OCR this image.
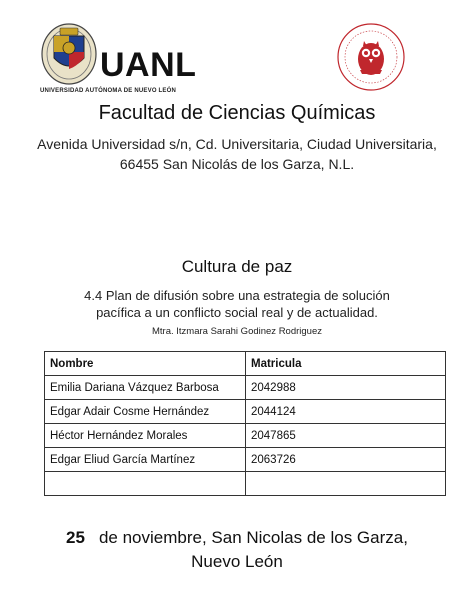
UANL
UNIVERSIDAD AUTÓNOMA DE NUEVO LEÓN
Facultad de Ciencias Químicas
Avenida Universidad s/n, Cd. Universitaria, Ciudad Universitaria,
66455 San Nicolás de los Garza, N.L.
Cultura de paz
4.4 Plan de difusión sobre una estrategia de solución
pacífica a un conflicto social real y de actualidad.
Mtra. Itzmara Sarahi Godinez Rodriguez
Nombre	Matricula
Emilia Dariana Vázquez Barbosa	2042988
Edgar Adair Cosme Hernández	2044124
Héctor Hernández Morales	2047865
Edgar Eliud García Martínez	2063726

25 de noviembre, San Nicolas de los Garza,
Nuevo León
